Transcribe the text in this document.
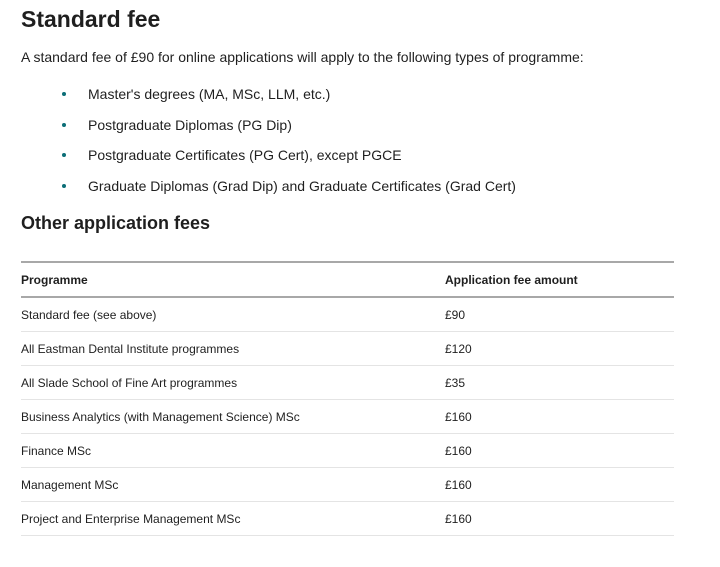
Standard fee

A standard fee of £90 for online applications will apply to the following types of programme:

Master's degrees (MA, MSc, LLM, etc.)
Postgraduate Diplomas (PG Dip)
Postgraduate Certificates (PG Cert), except PGCE
Graduate Diplomas (Grad Dip) and Graduate Certificates (Grad Cert)
Other application fees
Programme	Application fee amount
Standard fee (see above)	£90
All Eastman Dental Institute programmes	£120
All Slade School of Fine Art programmes	£35
Business Analytics (with Management Science) MSc	£160
Finance MSc	£160
Management MSc	£160
Project and Enterprise Management MSc	£160
